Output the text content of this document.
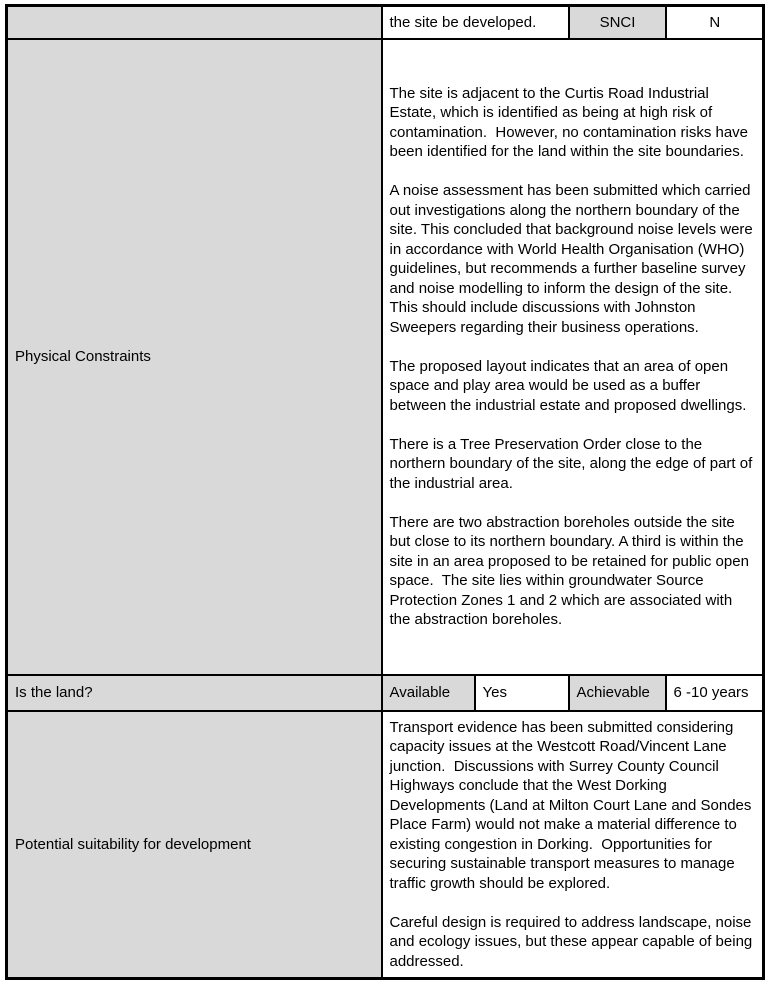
	the site be developed.		SNCI	N
Physical Constraints	The site is adjacent to the Curtis Road Industrial Estate, which is identified as being at high risk of contamination.  However, no contamination risks have been identified for the land within the site boundaries.

A noise assessment has been submitted which carried out investigations along the northern boundary of the site. This concluded that background noise levels were in accordance with World Health Organisation (WHO) guidelines, but recommends a further baseline survey and noise modelling to inform the design of the site.  This should include discussions with Johnston Sweepers regarding their business operations.

The proposed layout indicates that an area of open space and play area would be used as a buffer between the industrial estate and proposed dwellings.

There is a Tree Preservation Order close to the northern boundary of the site, along the edge of part of the industrial area.

There are two abstraction boreholes outside the site but close to its northern boundary. A third is within the site in an area proposed to be retained for public open space.  The site lies within groundwater Source Protection Zones 1 and 2 which are associated with the abstraction boreholes.			

Is the land?	Available	Yes	Achievable	6 -10 years
Potential suitability for development	Transport evidence has been submitted considering capacity issues at the Westcott Road/Vincent Lane junction.  Discussions with Surrey County Council Highways conclude that the West Dorking Developments (Land at Milton Court Lane and Sondes Place Farm) would not make a material difference to existing congestion in Dorking.  Opportunities for securing sustainable transport measures to manage traffic growth should be explored.

Careful design is required to address landscape, noise and ecology issues, but these appear capable of being addressed.			
